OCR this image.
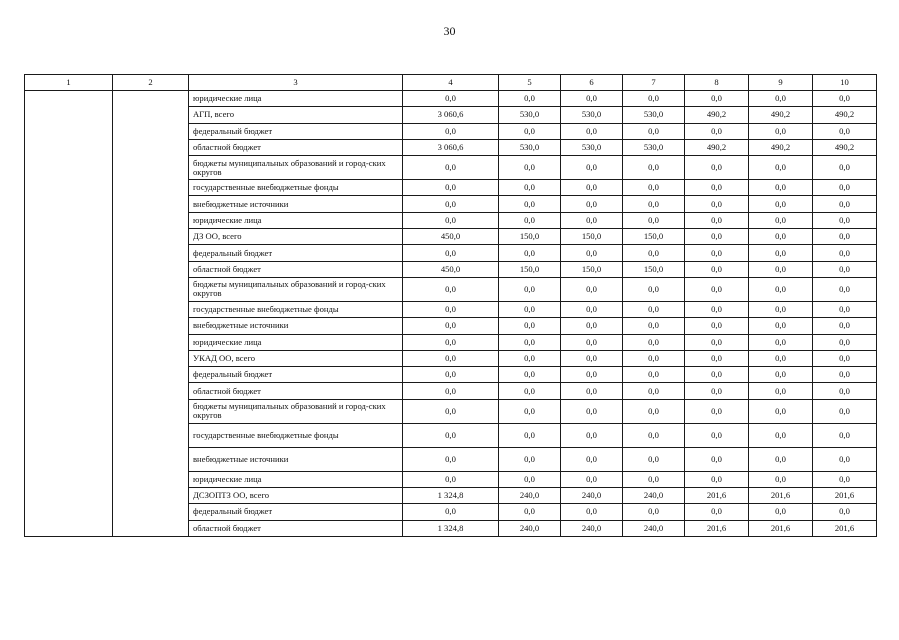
30
1	2	3	4	5	6	7	8	9	10
		юридические лица	0,0	0,0	0,0	0,0	0,0	0,0	0,0
		АГП, всего	3 060,6	530,0	530,0	530,0	490,2	490,2	490,2
		федеральный бюджет	0,0	0,0	0,0	0,0	0,0	0,0	0,0
		областной бюджет	3 060,6	530,0	530,0	530,0	490,2	490,2	490,2
		бюджеты муниципальных образований и город-ских округов	0,0	0,0	0,0	0,0	0,0	0,0	0,0
		государственные внебюджетные фонды	0,0	0,0	0,0	0,0	0,0	0,0	0,0
		внебюджетные источники	0,0	0,0	0,0	0,0	0,0	0,0	0,0
		юридические лица	0,0	0,0	0,0	0,0	0,0	0,0	0,0
		ДЗ ОО, всего	450,0	150,0	150,0	150,0	0,0	0,0	0,0
		федеральный бюджет	0,0	0,0	0,0	0,0	0,0	0,0	0,0
		областной бюджет	450,0	150,0	150,0	150,0	0,0	0,0	0,0
		бюджеты муниципальных образований и город-ских округов	0,0	0,0	0,0	0,0	0,0	0,0	0,0
		государственные внебюджетные фонды	0,0	0,0	0,0	0,0	0,0	0,0	0,0
		внебюджетные источники	0,0	0,0	0,0	0,0	0,0	0,0	0,0
		юридические лица	0,0	0,0	0,0	0,0	0,0	0,0	0,0
		УКАД ОО, всего	0,0	0,0	0,0	0,0	0,0	0,0	0,0
		федеральный бюджет	0,0	0,0	0,0	0,0	0,0	0,0	0,0
		областной бюджет	0,0	0,0	0,0	0,0	0,0	0,0	0,0
		бюджеты муниципальных образований и город-ских округов	0,0	0,0	0,0	0,0	0,0	0,0	0,0
		государственные внебюджетные фонды	0,0	0,0	0,0	0,0	0,0	0,0	0,0
		внебюджетные источники	0,0	0,0	0,0	0,0	0,0	0,0	0,0
		юридические лица	0,0	0,0	0,0	0,0	0,0	0,0	0,0
		ДСЗОПТЗ ОО, всего	1 324,8	240,0	240,0	240,0	201,6	201,6	201,6
		федеральный бюджет	0,0	0,0	0,0	0,0	0,0	0,0	0,0
		областной бюджет	1 324,8	240,0	240,0	240,0	201,6	201,6	201,6
